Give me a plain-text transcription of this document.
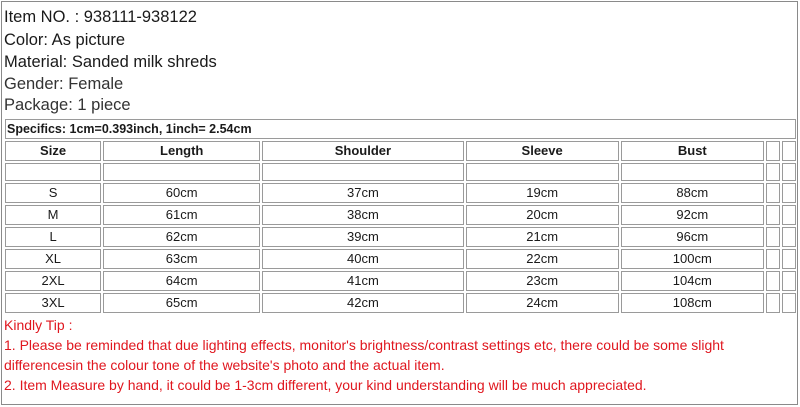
Item NO. : 938111-938122
Color: As picture
Material: Sanded milk shreds
Gender: Female
Package: 1 piece
Specifics: 1cm=0.393inch, 1inch= 2.54cm						
Size	Length	Shoulder	Sleeve	Bust		

S	60cm	37cm	19cm	88cm		
M	61cm	38cm	20cm	92cm		
L	62cm	39cm	21cm	96cm		
XL	63cm	40cm	22cm	100cm		
2XL	64cm	41cm	23cm	104cm		
3XL	65cm	42cm	24cm	108cm		
Kindly Tip :
1. Please be reminded that due lighting effects, monitor's brightness/contrast settings etc, there could be some slight
differencesin the colour tone of the website's photo and the actual item.
2. Item Measure by hand, it could be 1-3cm different, your kind understanding will be much appreciated.
